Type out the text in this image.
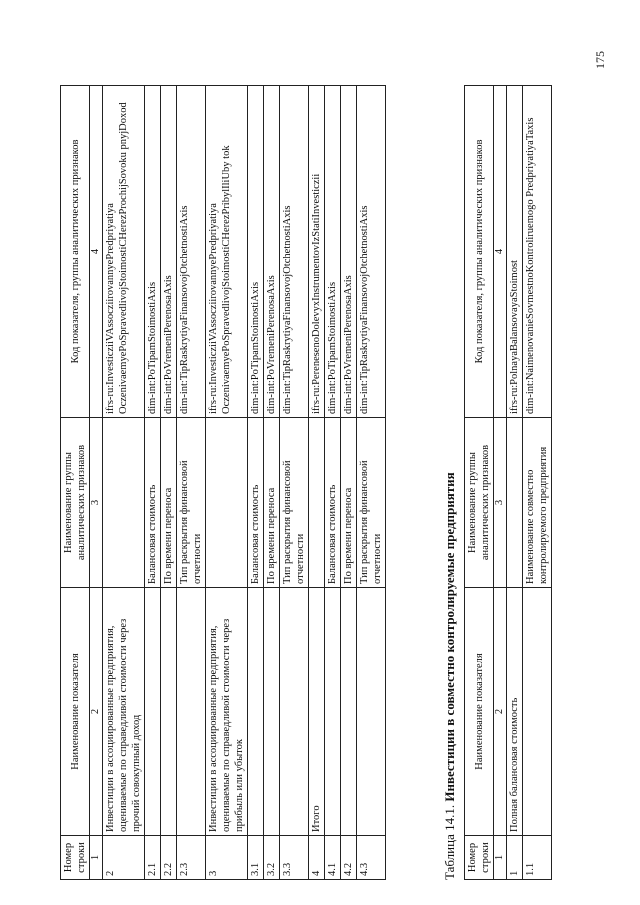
175
Номер строки	Наименование показателя	Наименование группы аналитических признаков	Код показателя, группы аналитических признаков
1	2	3	4
2	Инвестиции в ассоциированные предприятия, оцениваемые по справедливой стоимости через прочий совокупный доход		ifrs-ru:InvesticziiVAssocziirovannyePredpriyatiya OczenivaemyePoSpravedlivojStoimostiCHerezProchijSovoku pnyjDoxod
2.1		Балансовая стоимость	dim-int:PoTipamStoimostiAxis
2.2		По времени переноса	dim-int:PoVremeniPerenosaAxis
2.3		Тип раскрытия финансовой отчетности	dim-int:TipRaskrytiyaFinansovojOtchetnostiAxis
3	Инвестиции в ассоциированные предприятия, оцениваемые по справедливой стоимости через прибыль или убыток		ifrs-ru:InvesticziiVAssocziirovannyePredpriyatiya OczenivaemyePoSpravedlivojStoimostiCHerezPribylIliUby tok
3.1		Балансовая стоимость	dim-int:PoTipamStoimostiAxis
3.2		По времени переноса	dim-int:PoVremeniPerenosaAxis
3.3		Тип раскрытия финансовой отчетности	dim-int:TipRaskrytiyaFinansovojOtchetnostiAxis
4	Итого		ifrs-ru:PerenesenoDolevyxInstrumentovIzStatiInvesticzii
4.1		Балансовая стоимость	dim-int:PoTipamStoimostiAxis
4.2		По времени переноса	dim-int:PoVremeniPerenosaAxis
4.3		Тип раскрытия финансовой отчетности	dim-int:TipRaskrytiyaFinansovojOtchetnostiAxis
Таблица 14.1. Инвестиции в совместно контролируемые предприятия
Номер строки	Наименование показателя	Наименование группы аналитических признаков	Код показателя, группы аналитических признаков
1	2	3	4
1	Полная балансовая стоимость		ifrs-ru:PolnayaBalansovayaStoimost
1.1		Наименование совместно контролируемого предприятия	dim-int:NaimenovanieSovmestnoKontroliruemogo PredpriyatiyaTaxis
